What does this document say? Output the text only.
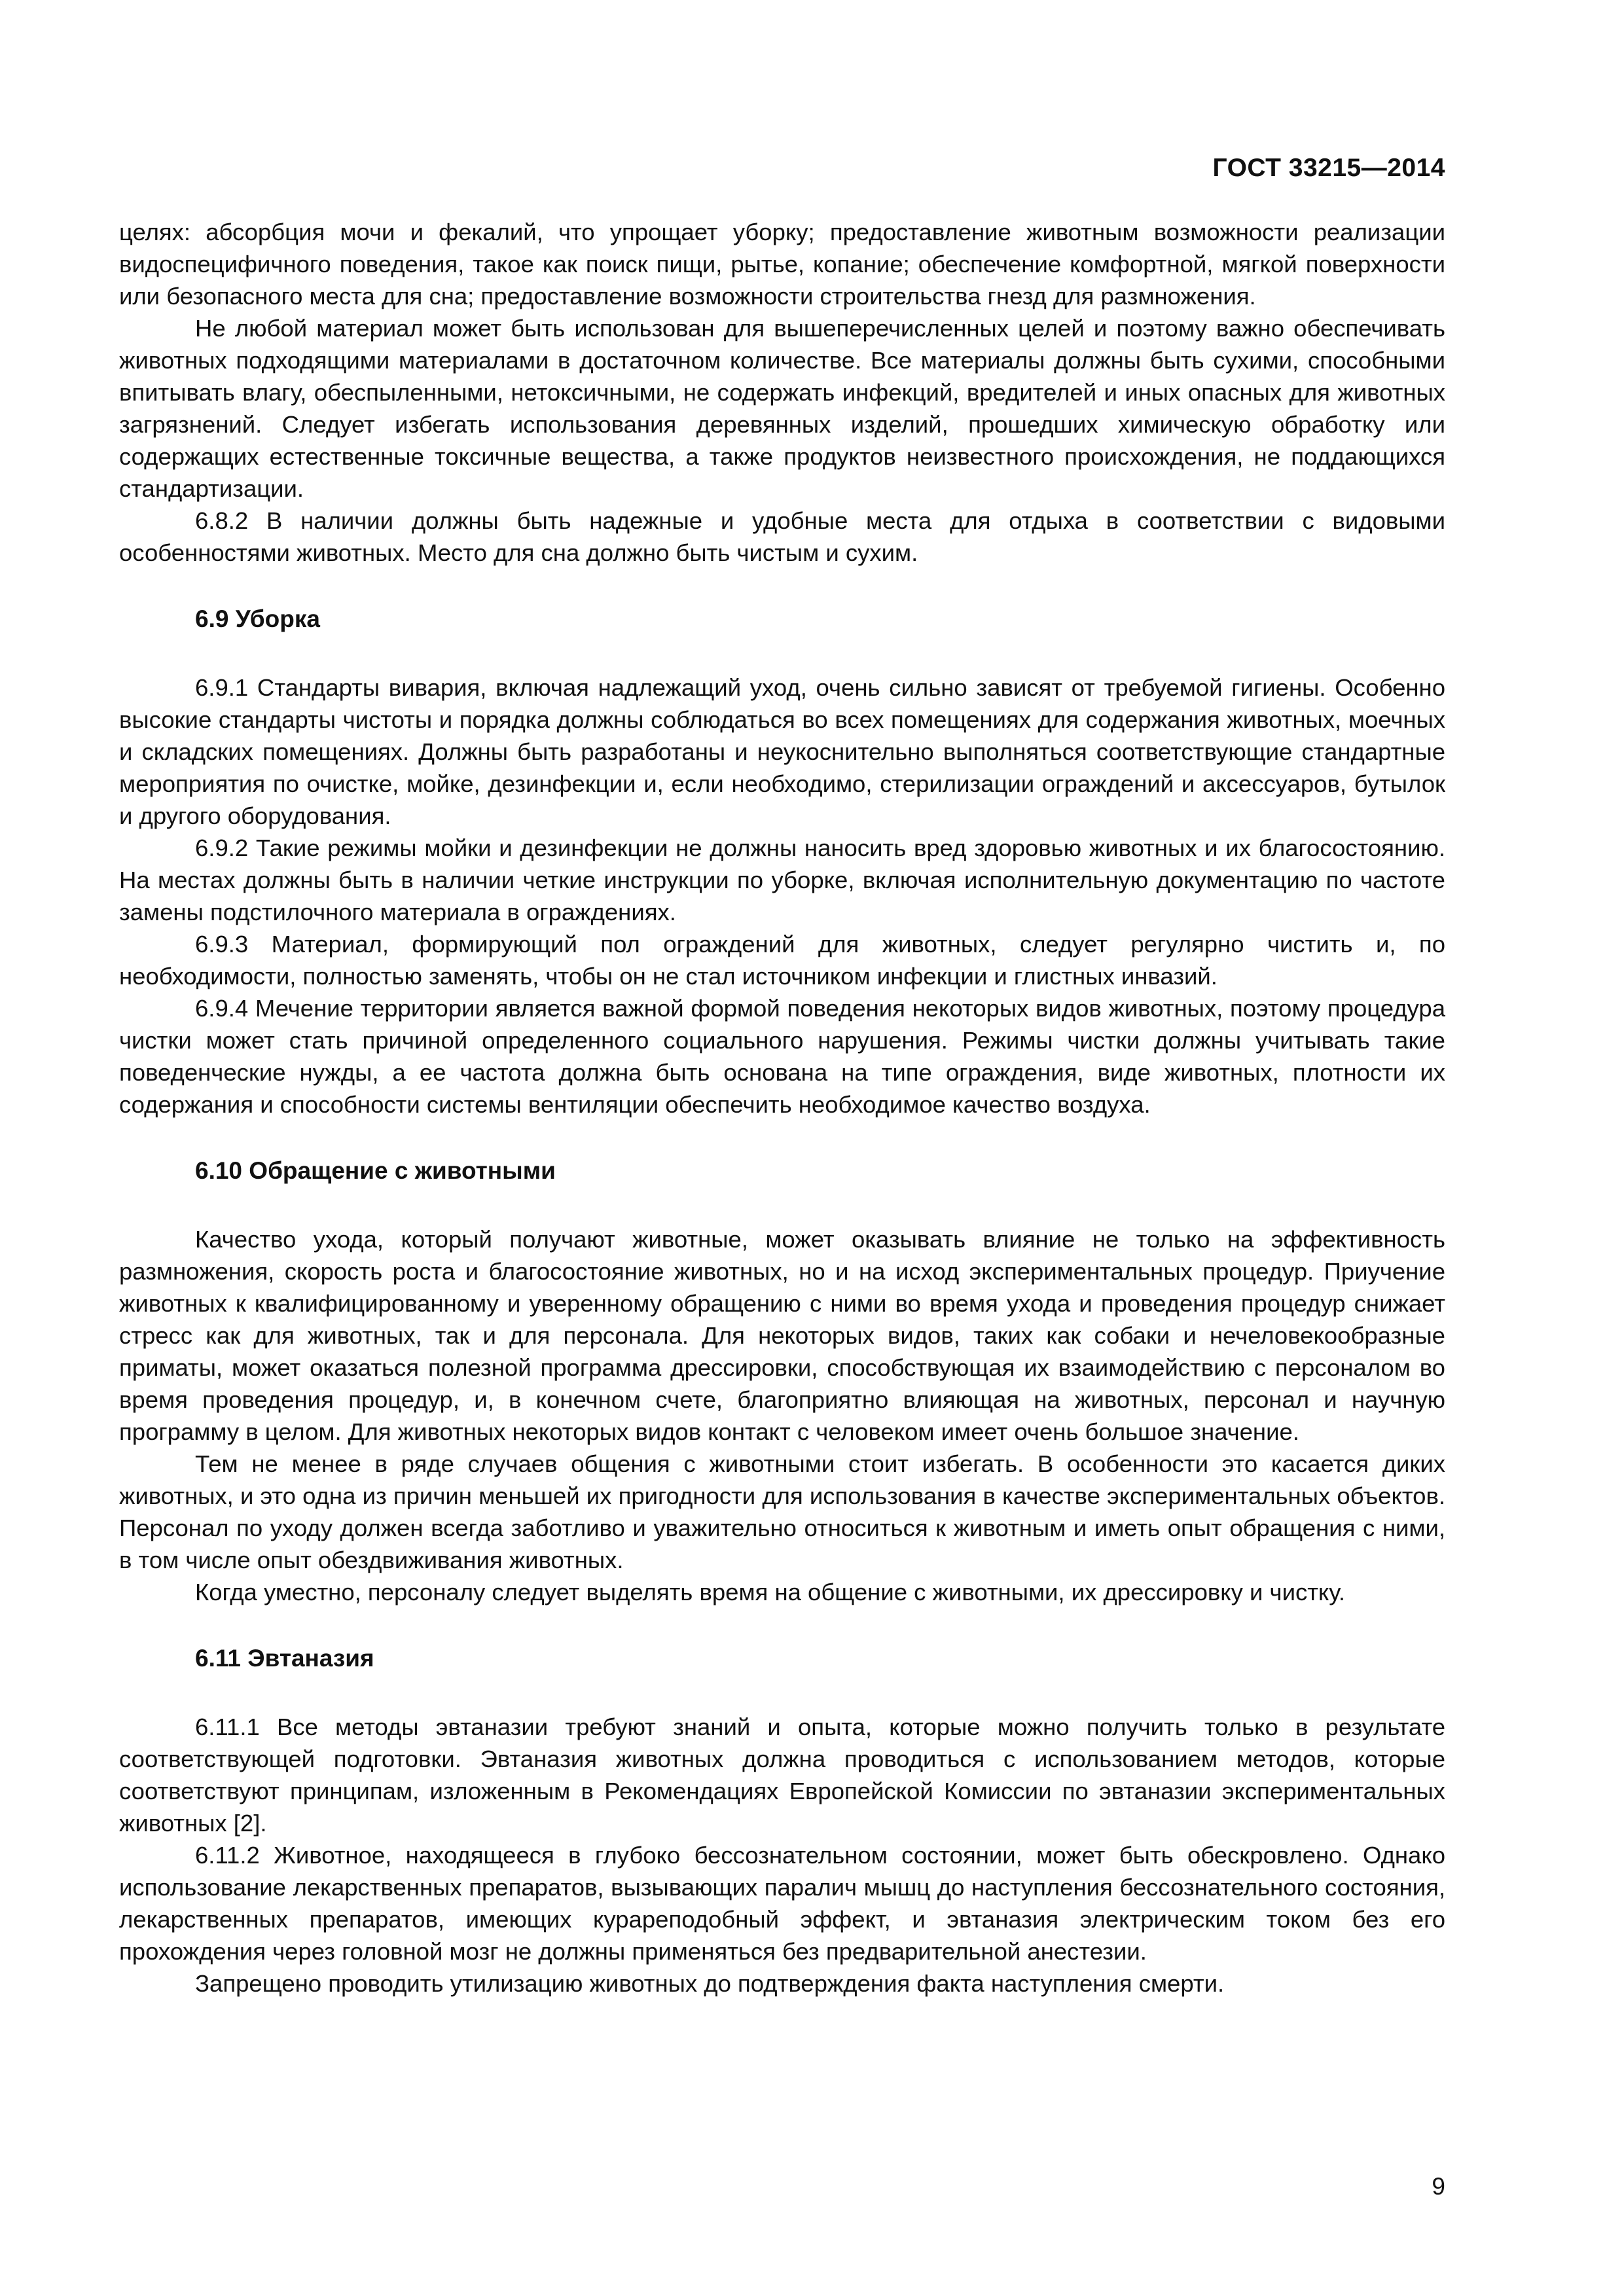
ГОСТ 33215—2014

целях: абсорбция мочи и фекалий, что упрощает уборку; предоставление животным возможности реализации видоспецифичного поведения, такое как поиск пищи, рытье, копание; обеспечение комфортной, мягкой поверхности или безопасного места для сна; предоставление возможности строительства гнезд для размножения.

Не любой материал может быть использован для вышеперечисленных целей и поэтому важно обеспечивать животных подходящими материалами в достаточном количестве. Все материалы должны быть сухими, способными впитывать влагу, обеспыленными, нетоксичными, не содержать инфекций, вредителей и иных опасных для животных загрязнений. Следует избегать использования деревянных изделий, прошедших химическую обработку или содержащих естественные токсичные вещества, а также продуктов неизвестного происхождения, не поддающихся стандартизации.

6.8.2 В наличии должны быть надежные и удобные места для отдыха в соответствии с видовыми особенностями животных. Место для сна должно быть чистым и сухим.

6.9 Уборка

6.9.1 Стандарты вивария, включая надлежащий уход, очень сильно зависят от требуемой гигиены. Особенно высокие стандарты чистоты и порядка должны соблюдаться во всех помещениях для содержания животных, моечных и складских помещениях. Должны быть разработаны и неукоснительно выполняться соответствующие стандартные мероприятия по очистке, мойке, дезинфекции и, если необходимо, стерилизации ограждений и аксессуаров, бутылок и другого оборудования.

6.9.2 Такие режимы мойки и дезинфекции не должны наносить вред здоровью животных и их благосостоянию. На местах должны быть в наличии четкие инструкции по уборке, включая исполнительную документацию по частоте замены подстилочного материала в ограждениях.

6.9.3 Материал, формирующий пол ограждений для животных, следует регулярно чистить и, по необходимости, полностью заменять, чтобы он не стал источником инфекции и глистных инвазий.

6.9.4 Мечение территории является важной формой поведения некоторых видов животных, поэтому процедура чистки может стать причиной определенного социального нарушения. Режимы чистки должны учитывать такие поведенческие нужды, а ее частота должна быть основана на типе ограждения, виде животных, плотности их содержания и способности системы вентиляции обеспечить необходимое качество воздуха.

6.10 Обращение с животными

Качество ухода, который получают животные, может оказывать влияние не только на эффективность размножения, скорость роста и благосостояние животных, но и на исход экспериментальных процедур. Приучение животных к квалифицированному и уверенному обращению с ними во время ухода и проведения процедур снижает стресс как для животных, так и для персонала. Для некоторых видов, таких как собаки и нечеловекообразные приматы, может оказаться полезной программа дрессировки, способствующая их взаимодействию с персоналом во время проведения процедур, и, в конечном счете, благоприятно влияющая на животных, персонал и научную программу в целом. Для животных некоторых видов контакт с человеком имеет очень большое значение.

Тем не менее в ряде случаев общения с животными стоит избегать. В особенности это касается диких животных, и это одна из причин меньшей их пригодности для использования в качестве экспериментальных объектов. Персонал по уходу должен всегда заботливо и уважительно относиться к животным и иметь опыт обращения с ними, в том числе опыт обездвиживания животных.

Когда уместно, персоналу следует выделять время на общение с животными, их дрессировку и чистку.

6.11 Эвтаназия

6.11.1 Все методы эвтаназии требуют знаний и опыта, которые можно получить только в результате соответствующей подготовки. Эвтаназия животных должна проводиться с использованием методов, которые соответствуют принципам, изложенным в Рекомендациях Европейской Комиссии по эвтаназии экспериментальных животных [2].

6.11.2 Животное, находящееся в глубоко бессознательном состоянии, может быть обескровлено. Однако использование лекарственных препаратов, вызывающих паралич мышц до наступления бессознательного состояния, лекарственных препаратов, имеющих курареподобный эффект, и эвтаназия электрическим током без его прохождения через головной мозг не должны применяться без предварительной анестезии.

Запрещено проводить утилизацию животных до подтверждения факта наступления смерти.

9
